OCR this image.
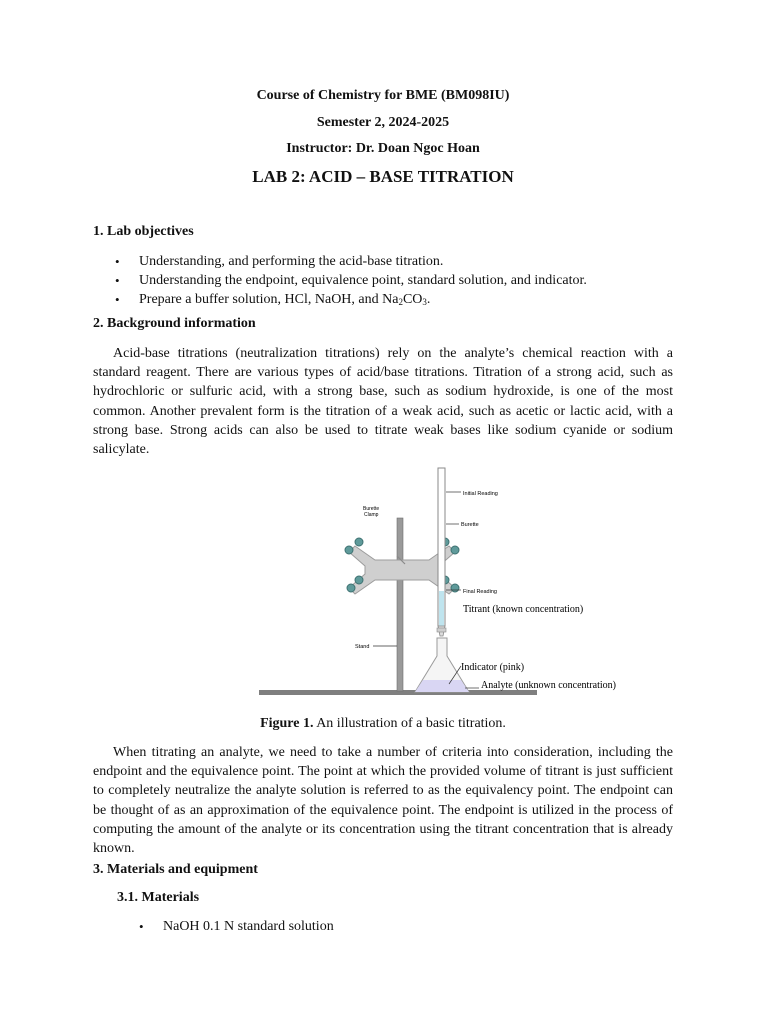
Course of Chemistry for BME (BM098IU)
Semester 2, 2024-2025
Instructor: Dr. Doan Ngoc Hoan
LAB 2: ACID – BASE TITRATION
1. Lab objectives
• Understanding, and performing the acid-base titration.
• Understanding the endpoint, equivalence point, standard solution, and indicator.
• Prepare a buffer solution, HCl, NaOH, and $Na_2CO_3$.
2. Background information

Acid-base titrations (neutralization titrations) rely on the analyte’s chemical reaction with a standard reagent. There are various types of acid/base titrations. Titration of a strong acid, such as hydrochloric or sulfuric acid, with a strong base, such as sodium hydroxide, is one of the most common. Another prevalent form is the titration of a weak acid, such as acetic or lactic acid, with a strong base. Strong acids can also be used to titrate weak bases like sodium cyanide or sodium salicylate.

Initial Reading
Burette
Burette
Clamp
Final Reading
Titrant (known concentration)
Stand
Indicator (pink)
Analyte (unknown concentration)
Figure 1. An illustration of a basic titration.

When titrating an analyte, we need to take a number of criteria into consideration, including the endpoint and the equivalence point. The point at which the provided volume of titrant is just sufficient to completely neutralize the analyte solution is referred to as the equivalency point. The endpoint can be thought of as an approximation of the equivalence point. The endpoint is utilized in the process of computing the amount of the analyte or its concentration using the titrant concentration that is already known.

3. Materials and equipment
3.1. Materials
• NaOH 0.1 N standard solution
